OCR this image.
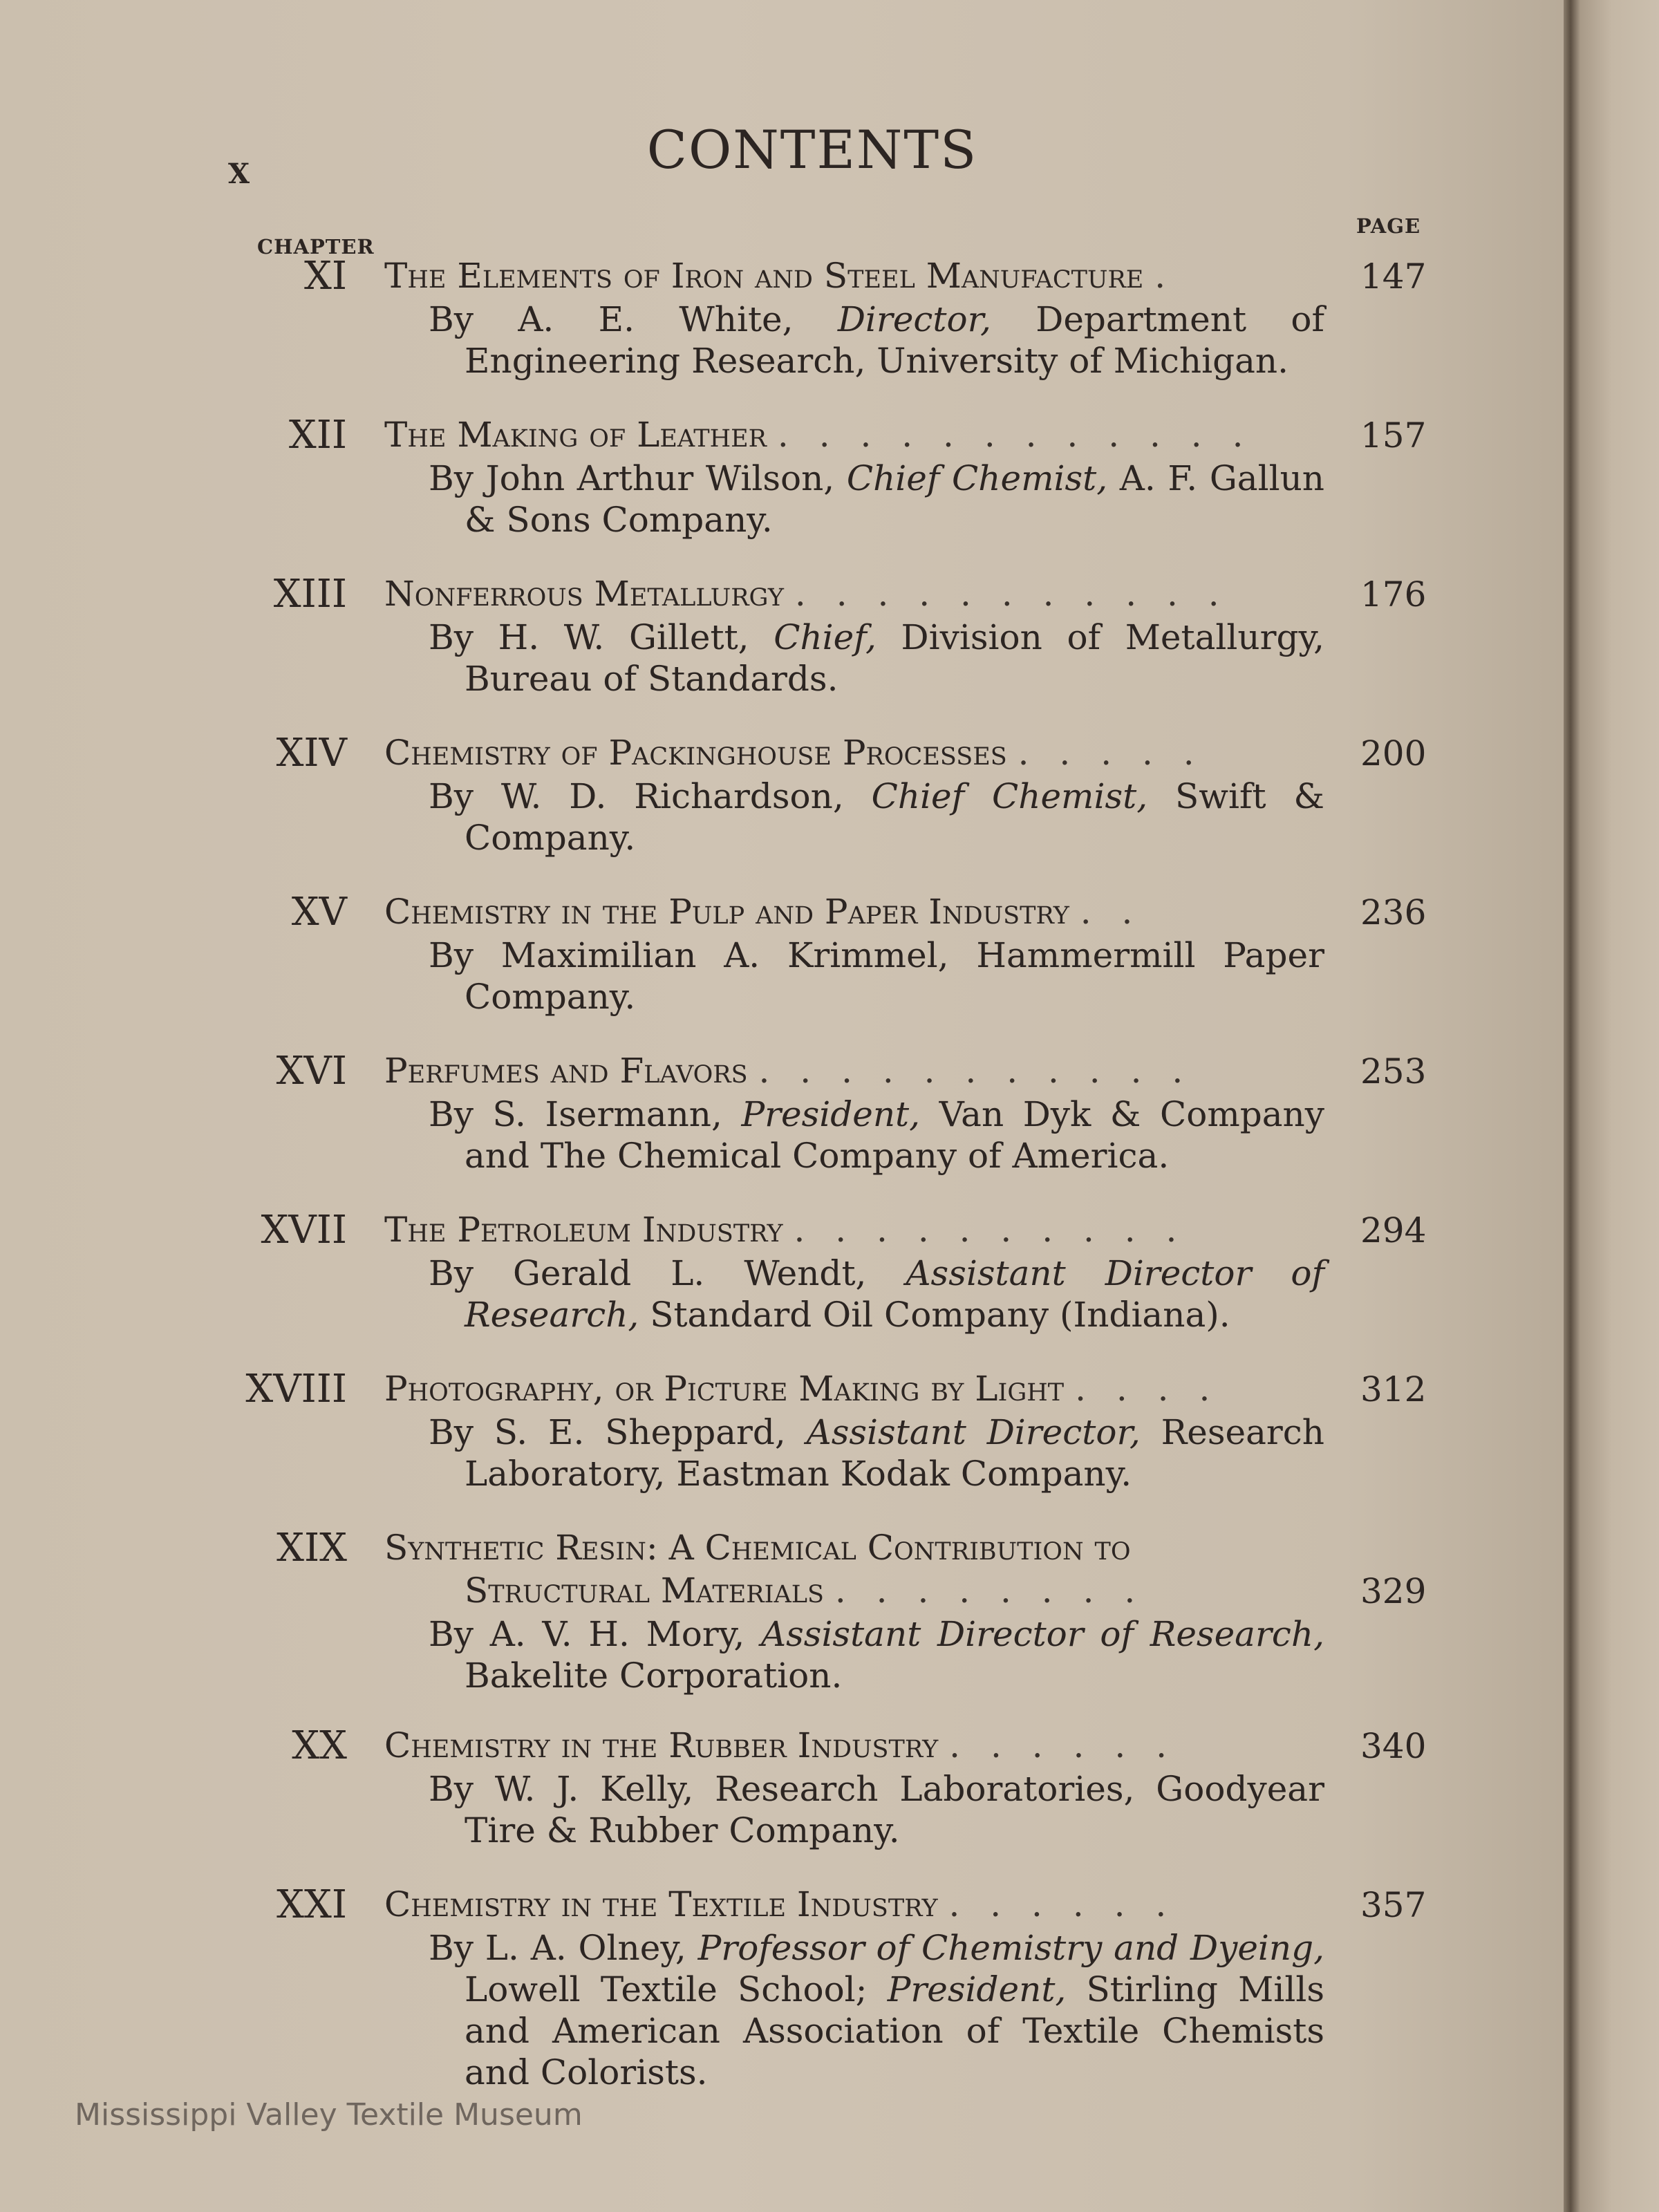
X	CONTENTS
PAGE
CHAPTER
XI The Elements of Iron and Steel Manufacture .	147
By A. E. White, Director, Department of Engineering Research, University of Michigan.
XII The Making of Leather . . . . . . . . . . . .	157
By John Arthur Wilson, Chief Chemist, A. F. Gallun & Sons Company.
XIII Nonferrous Metallurgy . . . . . . . . . . .	176
By H. W. Gillett, Chief, Division of Metallurgy, Bureau of Standards.
XIV Chemistry of Packinghouse Processes . . . . .	200
By W. D. Richardson, Chief Chemist, Swift & Company.
XV Chemistry in the Pulp and Paper Industry . .	236
By Maximilian A. Krimmel, Hammermill Paper Company.
XVI Perfumes and Flavors . . . . . . . . . . .	253
By S. Isermann, President, Van Dyk & Company and The Chemical Company of America.
XVII The Petroleum Industry . . . . . . . . . .	294
By Gerald L. Wendt, Assistant Director of Research, Standard Oil Company (Indiana).
XVIII Photography, or Picture Making by Light . . . .	312
By S. E. Sheppard, Assistant Director, Research Laboratory, Eastman Kodak Company.
XIX Synthetic Resin: A Chemical Contribution to
Structural Materials . . . . . . . .	329
By A. V. H. Mory, Assistant Director of Research, Bakelite Corporation.
XX Chemistry in the Rubber Industry . . . . . .	340
By W. J. Kelly, Research Laboratories, Goodyear Tire & Rubber Company.
XXI Chemistry in the Textile Industry . . . . . .	357
By L. A. Olney, Professor of Chemistry and Dyeing, Lowell Textile School; President, Stirling Mills and American Association of Textile Chemists and Colorists.
Mississippi Valley Textile Museum
